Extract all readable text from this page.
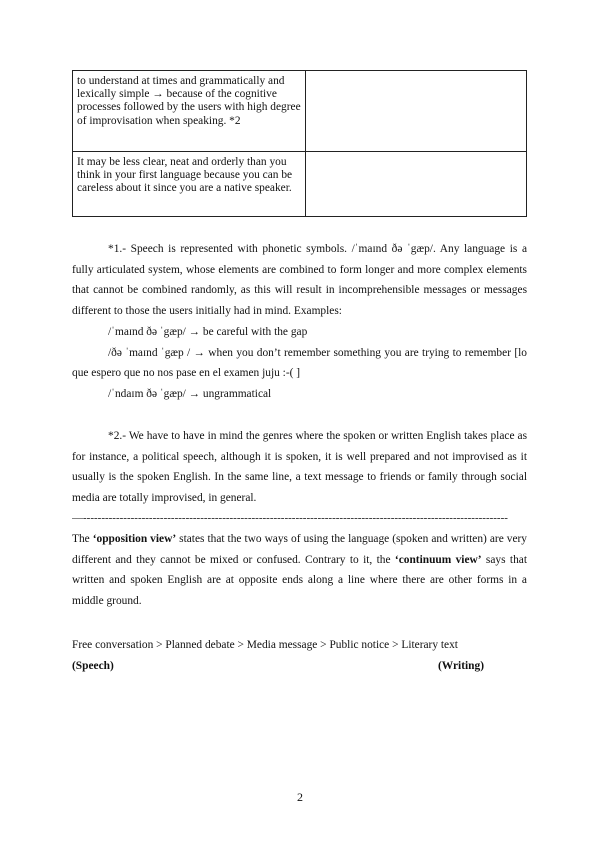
to understand at times and grammatically and lexically simple → because of the cognitive processes followed by the users with high degree of improvisation when speaking. *2	
It may be less clear, neat and orderly than you think in your first language because you can be careless about it since you are a native speaker.	
*1.- Speech is represented with phonetic symbols. /ˈmaɪnd ðə ˈgæp/. Any language is a fully articulated system, whose elements are combined to form longer and more complex elements that cannot be combined randomly, as this will result in incomprehensible messages or messages different to those the users initially had in mind. Examples:
/ˈmaɪnd ðə ˈgæp/ → be careful with the gap
/ðə ˈmaɪnd ˈgæp / → when you don’t remember something you are trying to remember [lo que espero que no nos pase en el examen juju :-( ]
/ˈndaɪm ðə ˈgæp/ → ungrammatical
*2.- We have to have in mind the genres where the spoken or written English takes place as for instance, a political speech, although it is spoken, it is well prepared and not improvised as it usually is the spoken English. In the same line, a text message to friends or family through social media are totally improvised, in general.
—--------------------------------------------------------------------------------------------------------------------
The ‘opposition view’ states that the two ways of using the language (spoken and written) are very different and they cannot be mixed or confused. Contrary to it, the ‘continuum view’ says that written and spoken English are at opposite ends along a line where there are other forms in a middle ground.
Free conversation > Planned debate > Media message > Public notice > Literary text
(Speech)	(Writing)
2
